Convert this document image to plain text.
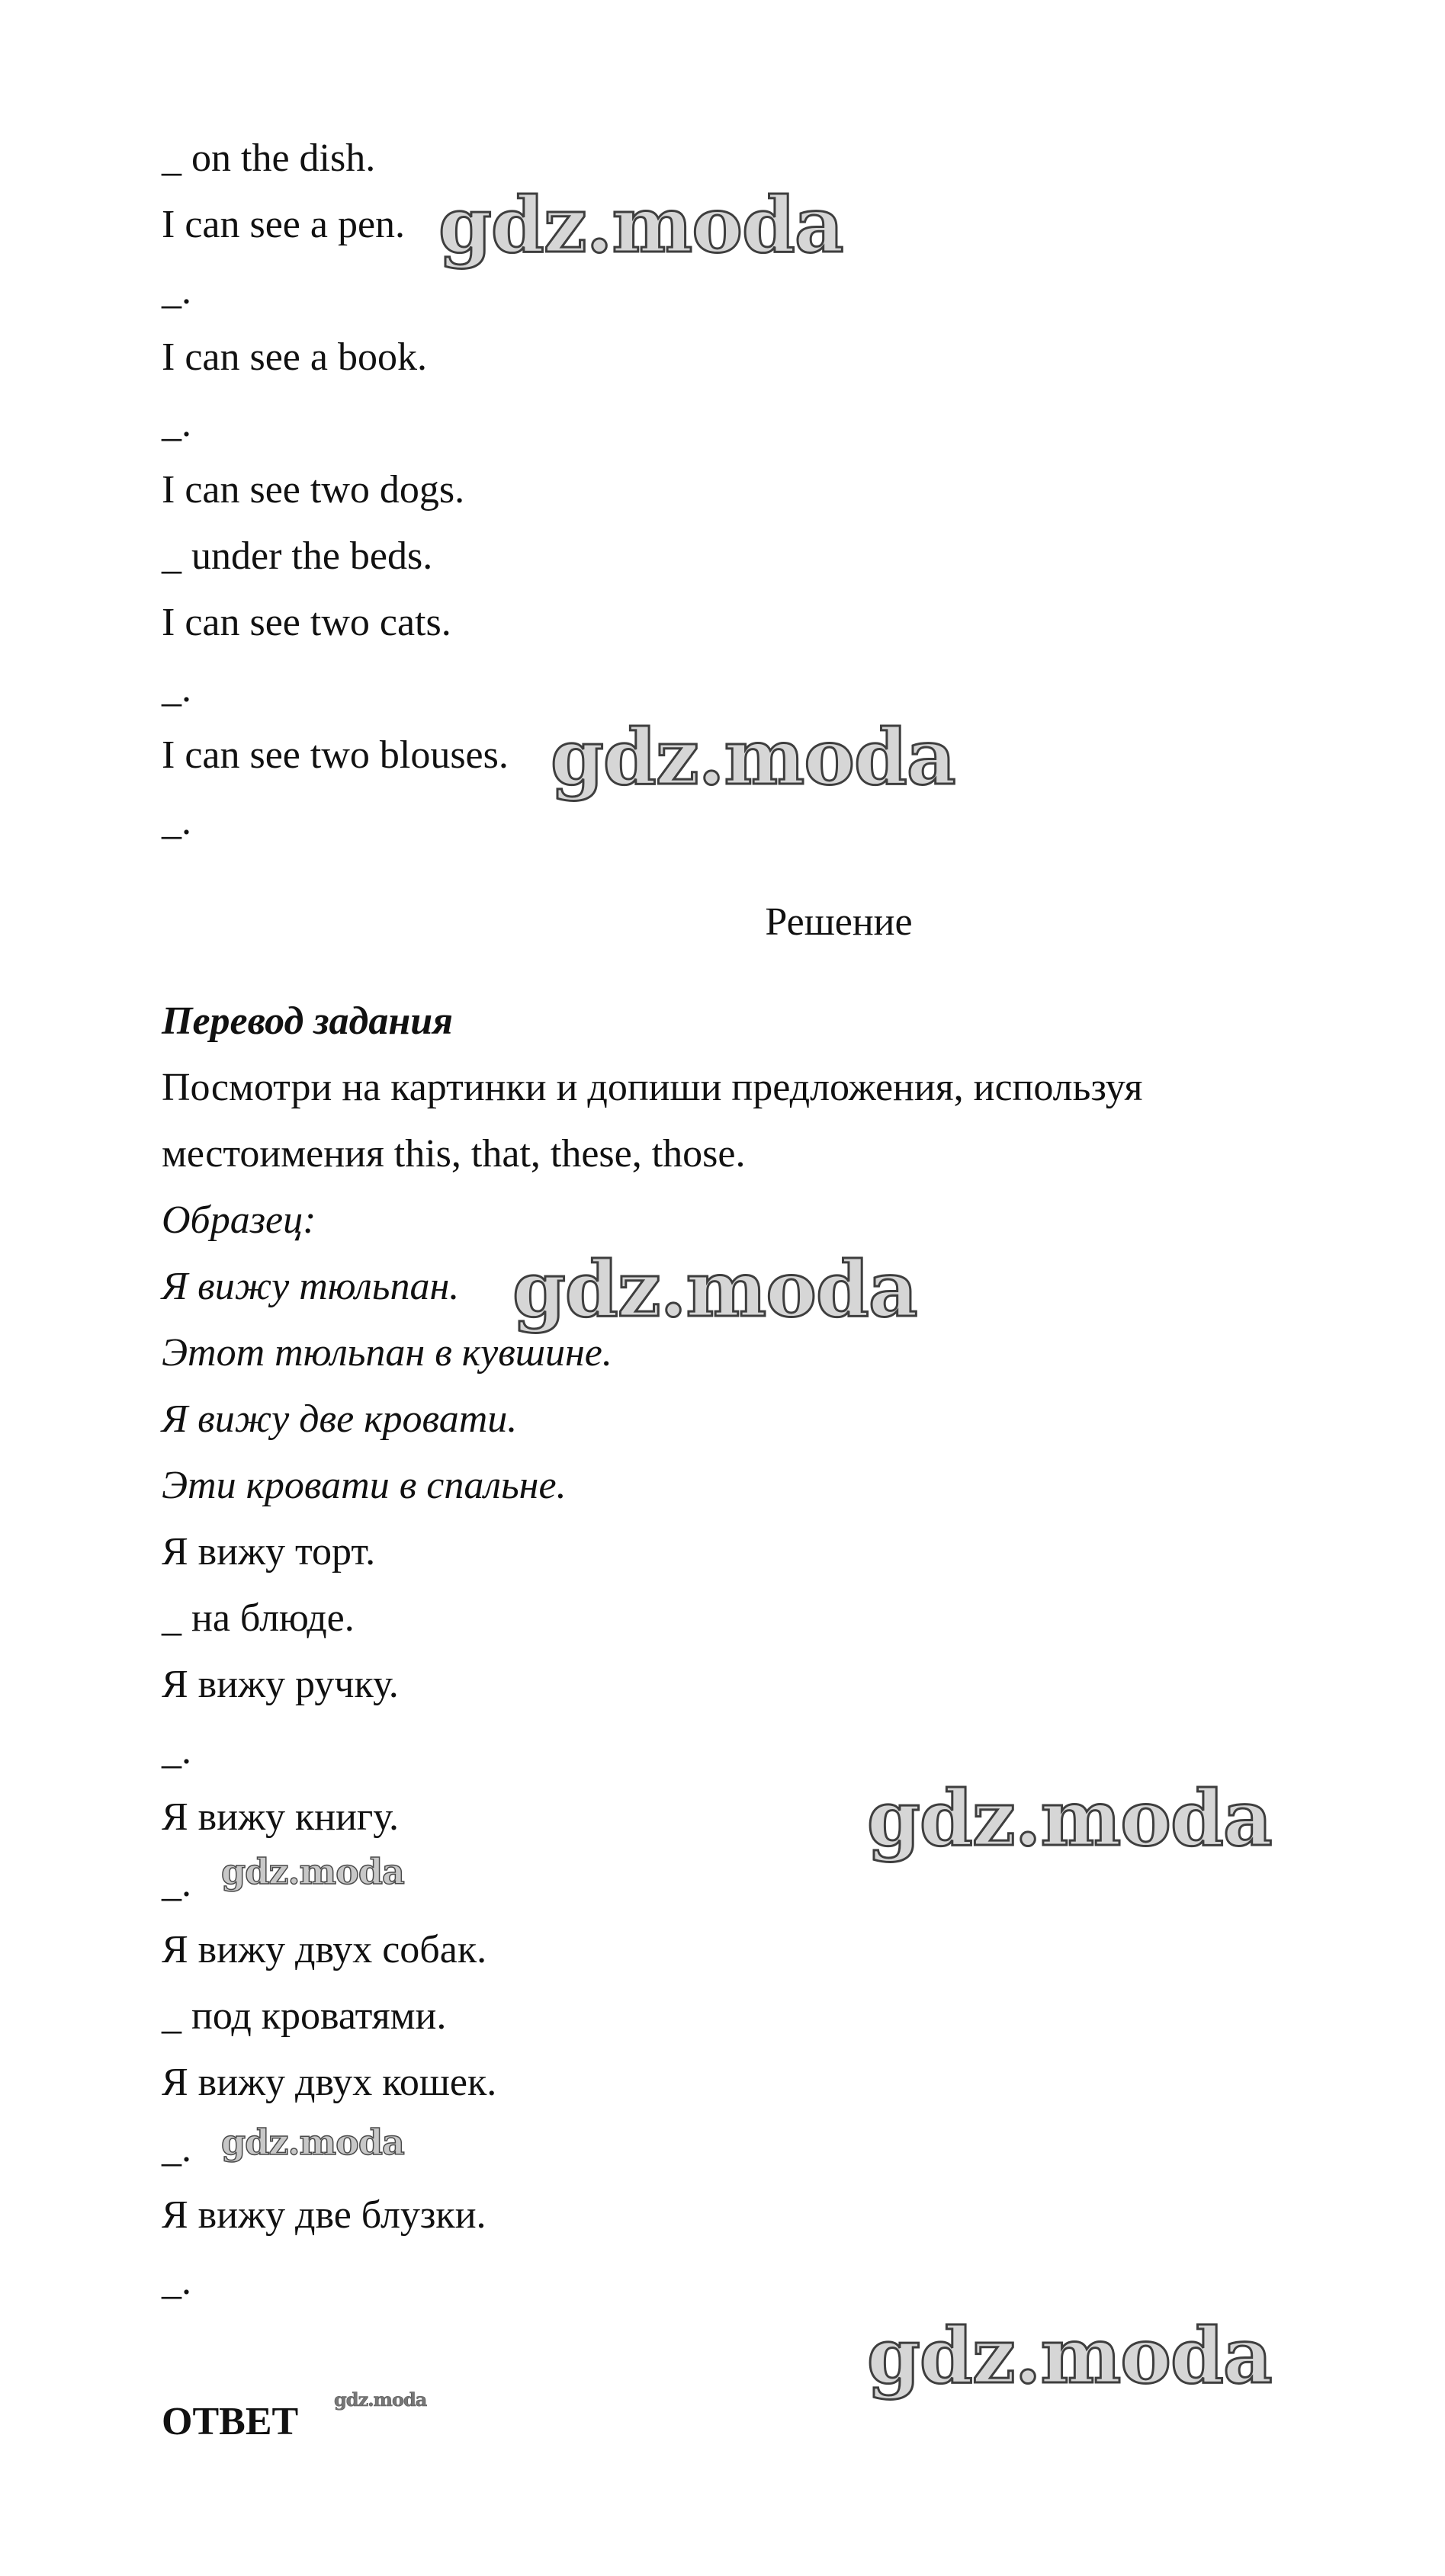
_ on the dish.
I can see a pen.
_.
I can see a book.
_.
I can see two dogs.
_ under the beds.
I can see two cats.
_.
I can see two blouses.
_.
Решение
Перевод задания
Посмотри на картинки и допиши предложения, используя
местоимения this, that, these, those.
Образец:
Я вижу тюльпан.
Этот тюльпан в кувшине.
Я вижу две кровати.
Эти кровати в спальне.
Я вижу торт.
_ на блюде.
Я вижу ручку.
_.
Я вижу книгу.
_.
Я вижу двух собак.
_ под кроватями.
Я вижу двух кошек.
_.
Я вижу две блузки.
_.
ОТВЕТ
gdz.moda
gdz.moda
gdz.moda
gdz.moda
gdz.moda
gdz.moda
gdz.moda
gdz.moda
